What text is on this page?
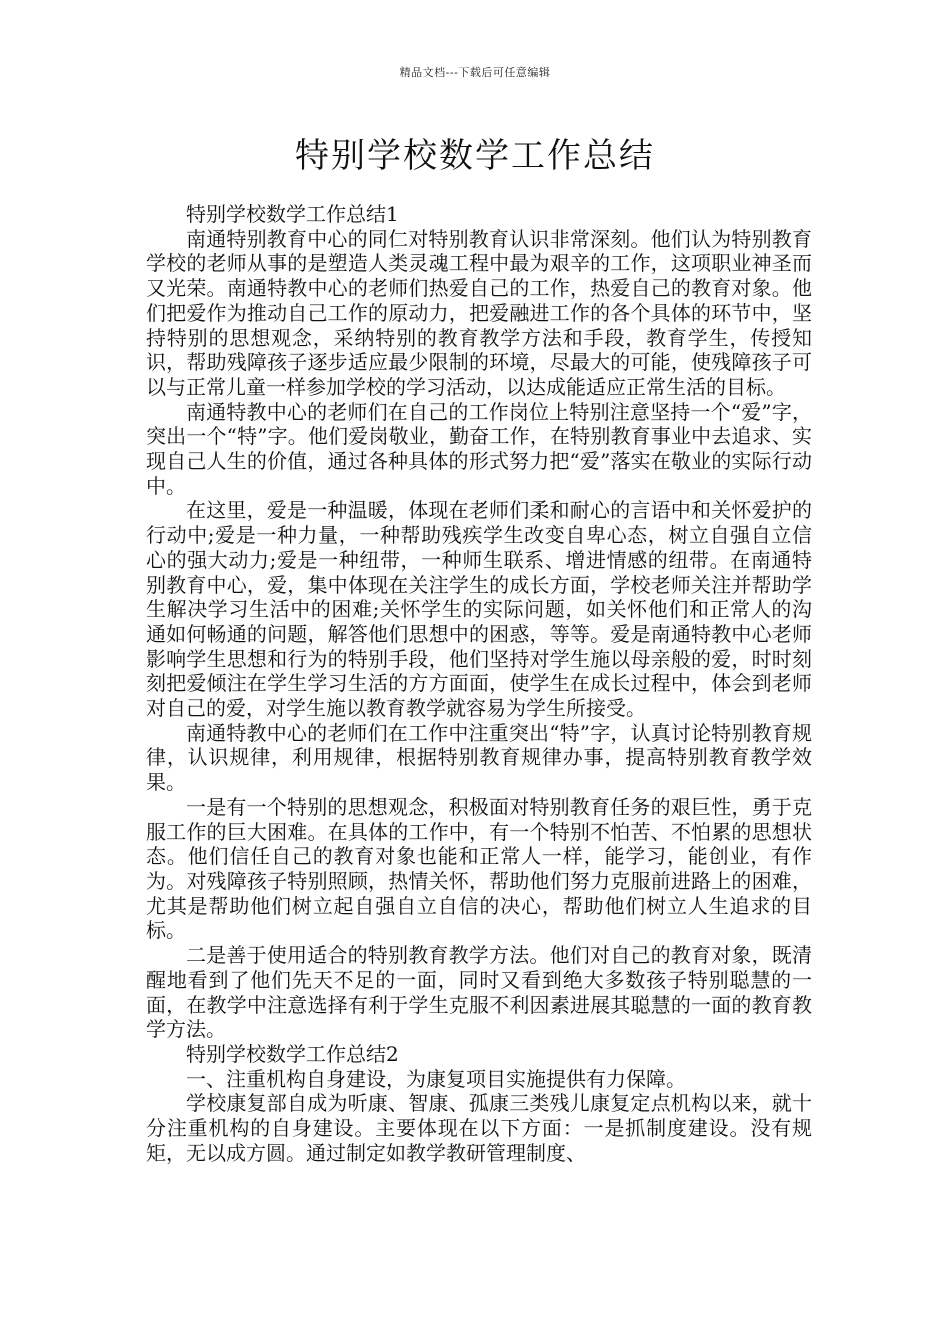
精品文档---下载后可任意编辑
特别学校数学工作总结

特别学校数学工作总结1

南通特别教育中心的同仁对特别教育认识非常深刻。他们认为特别教育学校的老师从事的是塑造人类灵魂工程中最为艰辛的工作，这项职业神圣而又光荣。南通特教中心的老师们热爱自己的工作，热爱自己的教育对象。他们把爱作为推动自己工作的原动力，把爱融进工作的各个具体的环节中，坚持特别的思想观念，采纳特别的教育教学方法和手段，教育学生，传授知识，帮助残障孩子逐步适应最少限制的环境，尽最大的可能，使残障孩子可以与正常儿童一样参加学校的学习活动，以达成能适应正常生活的目标。

南通特教中心的老师们在自己的工作岗位上特别注意坚持一个“爱”字，突出一个“特”字。他们爱岗敬业，勤奋工作，在特别教育事业中去追求、实现自己人生的价值，通过各种具体的形式努力把“爱”落实在敬业的实际行动中。

在这里，爱是一种温暖，体现在老师们柔和耐心的言语中和关怀爱护的行动中;爱是一种力量，一种帮助残疾学生改变自卑心态，树立自强自立信心的强大动力;爱是一种纽带，一种师生联系、增进情感的纽带。在南通特别教育中心，爱，集中体现在关注学生的成长方面，学校老师关注并帮助学生解决学习生活中的困难;关怀学生的实际问题，如关怀他们和正常人的沟通如何畅通的问题，解答他们思想中的困惑，等等。爱是南通特教中心老师影响学生思想和行为的特别手段，他们坚持对学生施以母亲般的爱，时时刻刻把爱倾注在学生学习生活的方方面面，使学生在成长过程中，体会到老师对自己的爱，对学生施以教育教学就容易为学生所接受。

南通特教中心的老师们在工作中注重突出“特”字，认真讨论特别教育规律，认识规律，利用规律，根据特别教育规律办事，提高特别教育教学效果。

一是有一个特别的思想观念，积极面对特别教育任务的艰巨性，勇于克服工作的巨大困难。在具体的工作中，有一个特别不怕苦、不怕累的思想状态。他们信任自己的教育对象也能和正常人一样，能学习，能创业，有作为。对残障孩子特别照顾，热情关怀，帮助他们努力克服前进路上的困难，尤其是帮助他们树立起自强自立自信的决心，帮助他们树立人生追求的目标。

二是善于使用适合的特别教育教学方法。他们对自己的教育对象，既清醒地看到了他们先天不足的一面，同时又看到绝大多数孩子特别聪慧的一面，在教学中注意选择有利于学生克服不利因素进展其聪慧的一面的教育教学方法。

特别学校数学工作总结2

一、注重机构自身建设，为康复项目实施提供有力保障。

学校康复部自成为听康、智康、孤康三类残儿康复定点机构以来，就十分注重机构的自身建设。主要体现在以下方面：一是抓制度建设。没有规矩，无以成方圆。通过制定如教学教研管理制度、
